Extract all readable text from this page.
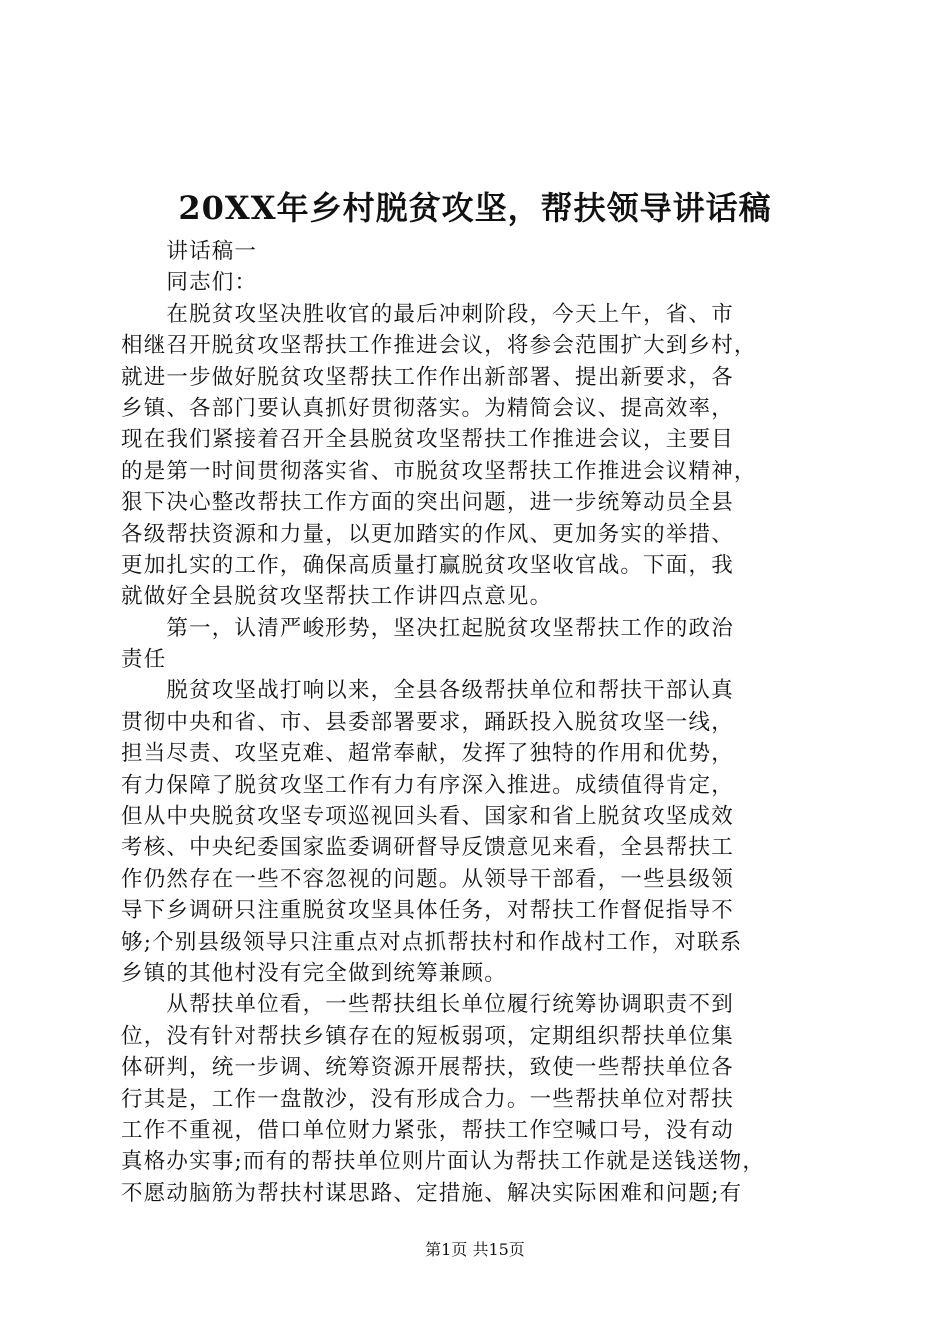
20XX年乡村脱贫攻坚，帮扶领导讲话稿
　　讲话稿一
　　同志们：
　　在脱贫攻坚决胜收官的最后冲刺阶段，今天上午，省、市
相继召开脱贫攻坚帮扶工作推进会议，将参会范围扩大到乡村，
就进一步做好脱贫攻坚帮扶工作作出新部署、提出新要求，各
乡镇、各部门要认真抓好贯彻落实。为精简会议、提高效率，
现在我们紧接着召开全县脱贫攻坚帮扶工作推进会议，主要目
的是第一时间贯彻落实省、市脱贫攻坚帮扶工作推进会议精神，
狠下决心整改帮扶工作方面的突出问题，进一步统筹动员全县
各级帮扶资源和力量，以更加踏实的作风、更加务实的举措、
更加扎实的工作，确保高质量打赢脱贫攻坚收官战。下面，我
就做好全县脱贫攻坚帮扶工作讲四点意见。
　　第一，认清严峻形势，坚决扛起脱贫攻坚帮扶工作的政治
责任
　　脱贫攻坚战打响以来，全县各级帮扶单位和帮扶干部认真
贯彻中央和省、市、县委部署要求，踊跃投入脱贫攻坚一线，
担当尽责、攻坚克难、超常奉献，发挥了独特的作用和优势，
有力保障了脱贫攻坚工作有力有序深入推进。成绩值得肯定，
但从中央脱贫攻坚专项巡视回头看、国家和省上脱贫攻坚成效
考核、中央纪委国家监委调研督导反馈意见来看，全县帮扶工
作仍然存在一些不容忽视的问题。从领导干部看，一些县级领
导下乡调研只注重脱贫攻坚具体任务，对帮扶工作督促指导不
够;个别县级领导只注重点对点抓帮扶村和作战村工作，对联系
乡镇的其他村没有完全做到统筹兼顾。
　　从帮扶单位看，一些帮扶组长单位履行统筹协调职责不到
位，没有针对帮扶乡镇存在的短板弱项，定期组织帮扶单位集
体研判，统一步调、统筹资源开展帮扶，致使一些帮扶单位各
行其是，工作一盘散沙，没有形成合力。一些帮扶单位对帮扶
工作不重视，借口单位财力紧张，帮扶工作空喊口号，没有动
真格办实事;而有的帮扶单位则片面认为帮扶工作就是送钱送物，
不愿动脑筋为帮扶村谋思路、定措施、解决实际困难和问题;有
第1页 共15页
